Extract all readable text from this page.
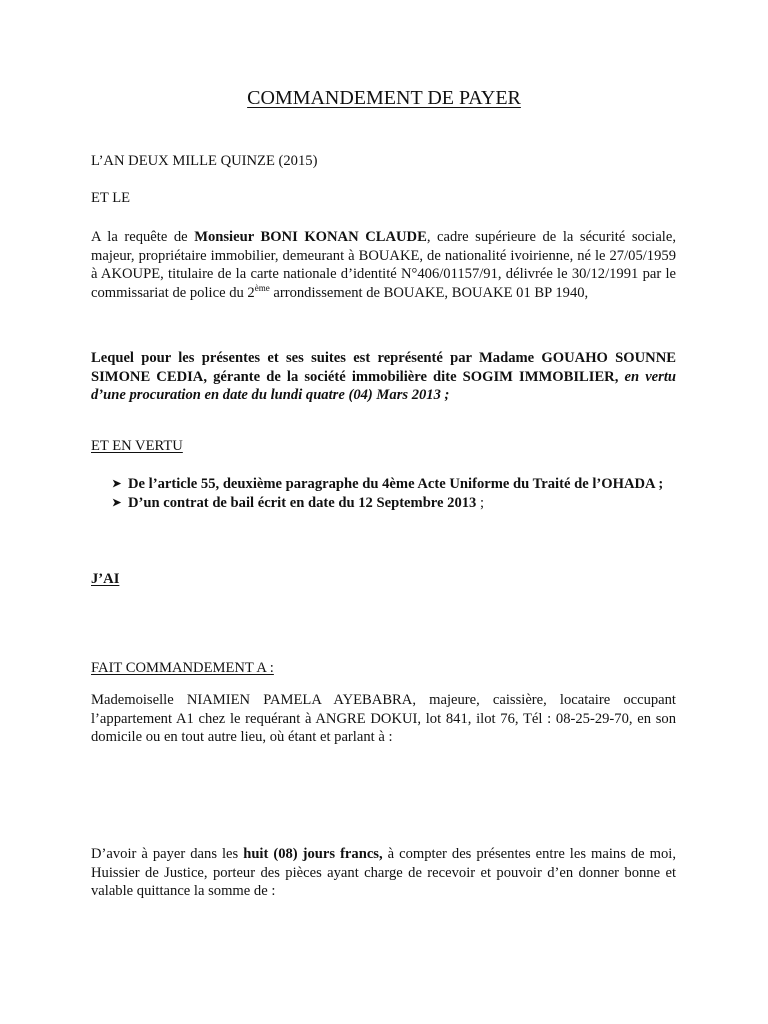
COMMANDEMENT DE PAYER

L’AN DEUX MILLE QUINZE (2015)

ET LE

A la requête de Monsieur BONI KONAN CLAUDE, cadre supérieure de la sécurité sociale, majeur, propriétaire immobilier, demeurant à BOUAKE, de nationalité ivoirienne, né le 27/05/1959 à AKOUPE, titulaire de la carte nationale d’identité N°406/01157/91, délivrée le 30/12/1991 par le commissariat de police du 2ème arrondissement de BOUAKE, BOUAKE 01 BP 1940,

Lequel pour les présentes et ses suites est représenté par Madame GOUAHO SOUNNE SIMONE CEDIA, gérante de la société immobilière dite SOGIM IMMOBILIER, en vertu d’une procuration en date du lundi quatre (04) Mars 2013 ;

ET EN VERTU

➤ De l’article 55, deuxième paragraphe du 4ème Acte Uniforme du Traité de l’OHADA ;
➤ D’un contrat de bail écrit en date du 12 Septembre 2013 ;

J’AI

FAIT COMMANDEMENT A :

Mademoiselle NIAMIEN PAMELA AYEBABRA, majeure, caissière, locataire occupant l’appartement A1 chez le requérant à ANGRE DOKUI, lot 841, ilot 76, Tél : 08-25-29-70, en son domicile ou en tout autre lieu, où étant et parlant à :

D’avoir à payer dans les huit (08) jours francs, à compter des présentes entre les mains de moi, Huissier de Justice, porteur des pièces ayant charge de recevoir et pouvoir d’en donner bonne et valable quittance la somme de :
